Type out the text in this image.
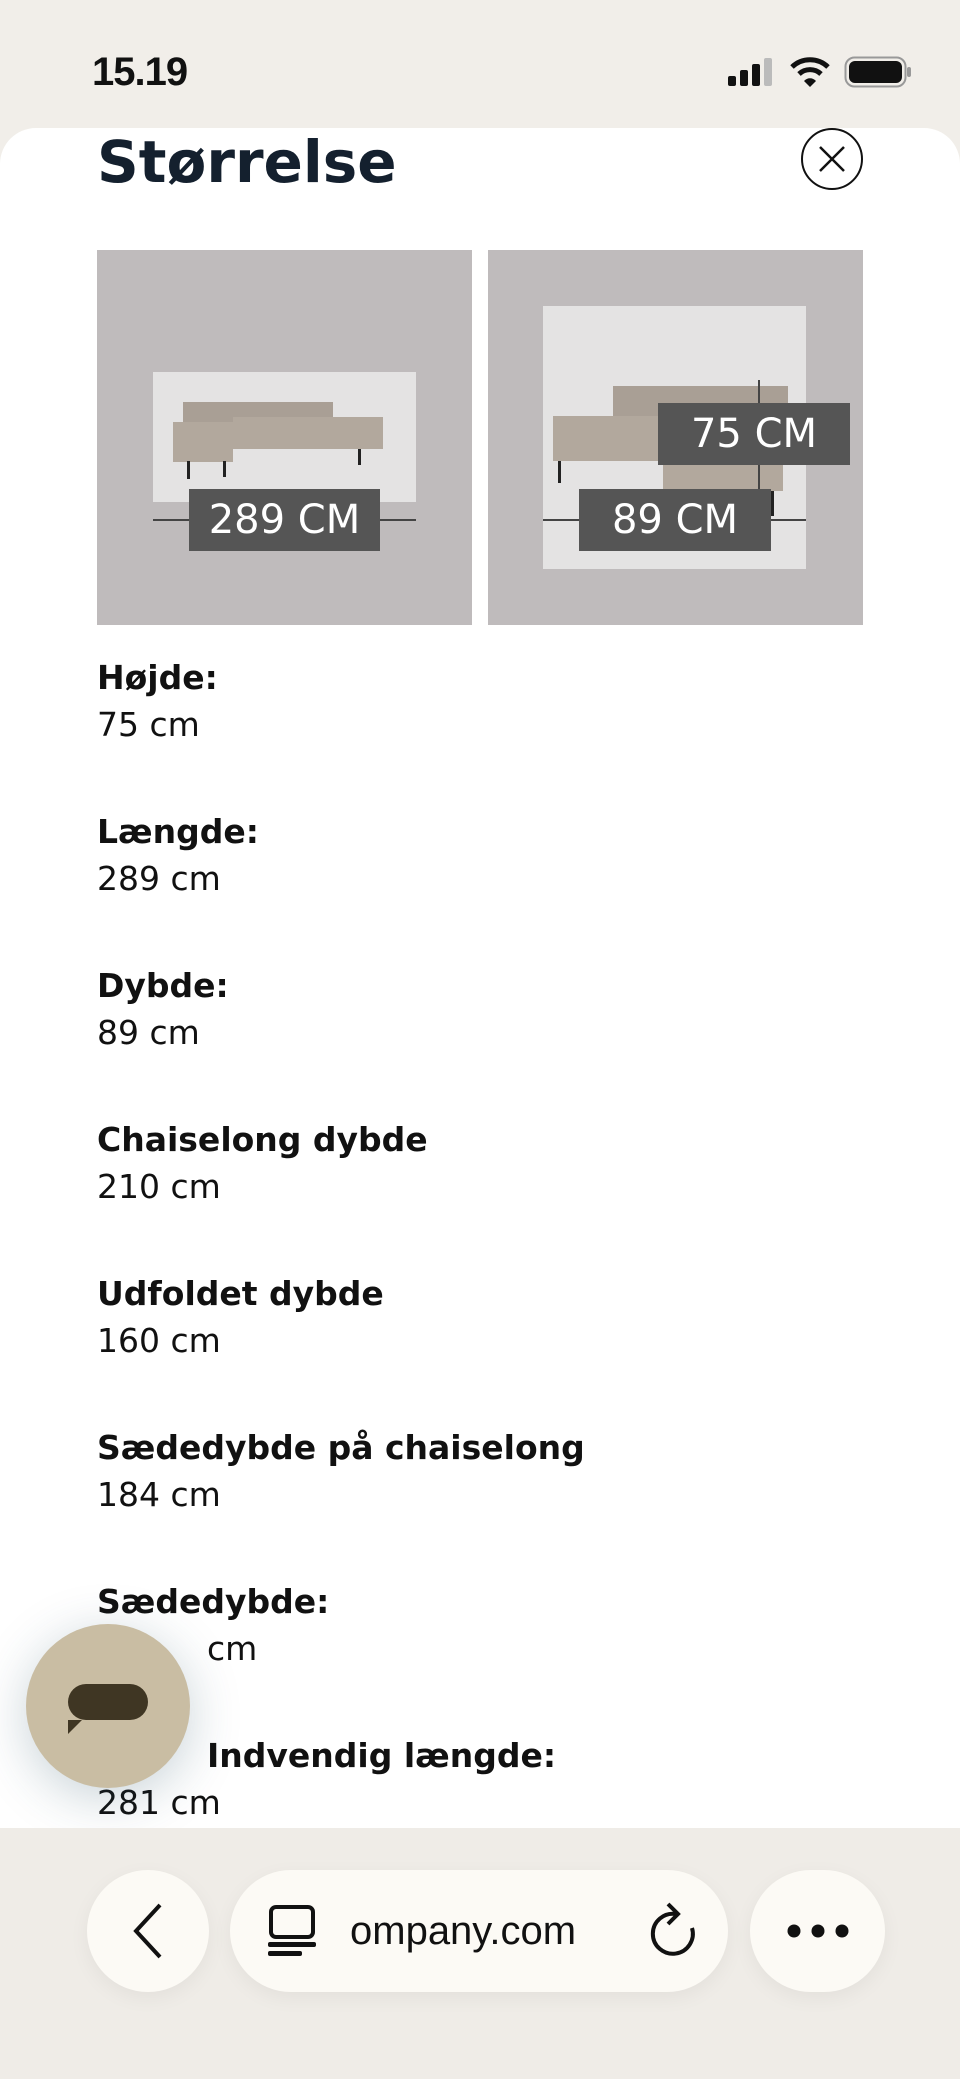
15.19
Størrelse
289 CM
75 CM
89 CM
Højde:
75 cm
Længde:
289 cm
Dybde:
89 cm
Chaiselong dybde
210 cm
Udfoldet dybde
160 cm
Sædedybde på chaiselong
184 cm
Sædedybde:
cm
Indvendig længde:
281 cm
ompany.com
